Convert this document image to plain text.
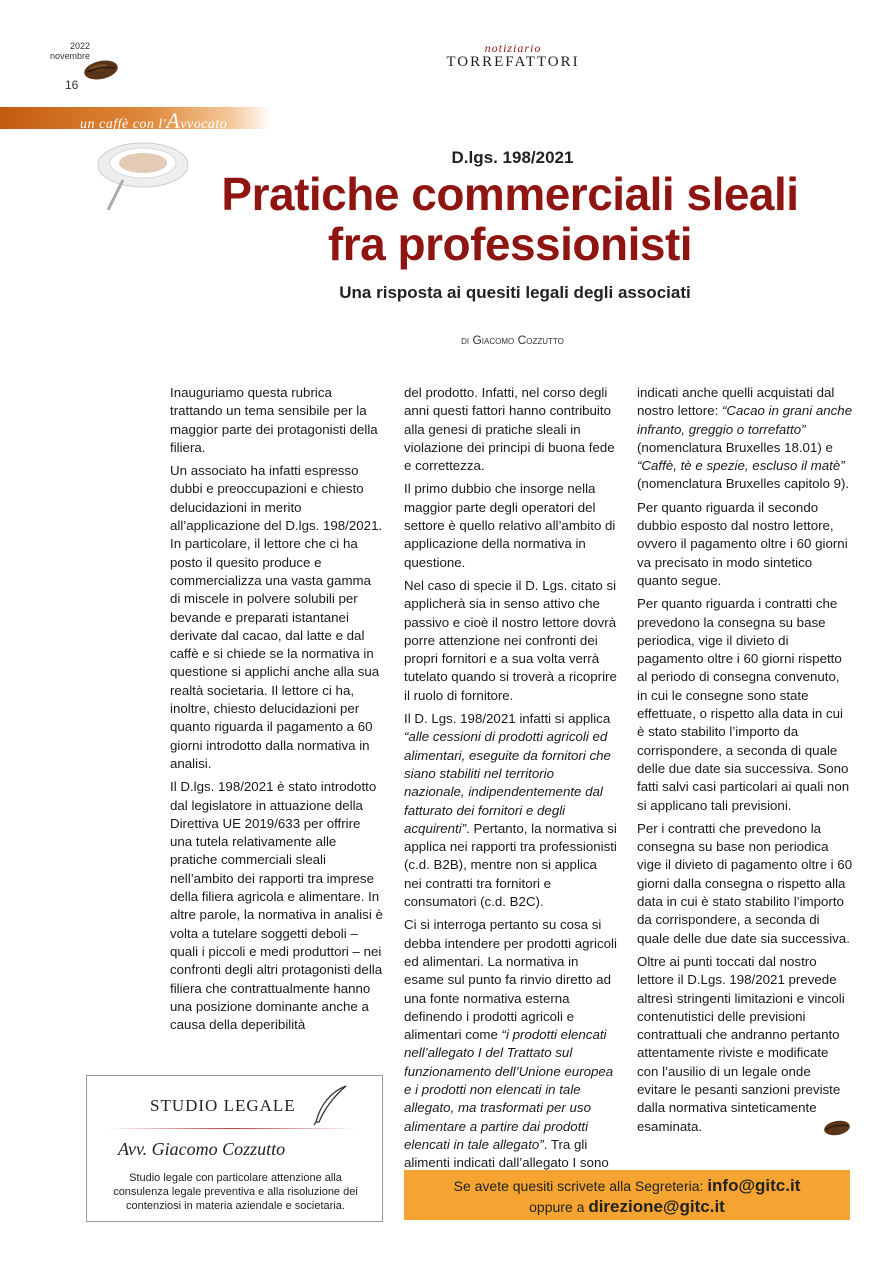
2022
novembre
16
notiziario
TORREFATTORI
un caffè con l'Avvocato
D.lgs. 198/2021
Pratiche commerciali sleali
fra professionisti
Una risposta ai quesiti legali degli associati
di Giacomo Cozzutto

Inauguriamo questa rubrica trattando un tema sensibile per la maggior parte dei protagonisti della filiera.

Un associato ha infatti espresso dubbi e preoccupazioni e chiesto delucidazioni in merito all’applicazione del D.lgs. 198/2021. In particolare, il lettore che ci ha posto il quesito produce e commercializza una vasta gamma di miscele in polvere solubili per bevande e preparati istantanei derivate dal cacao, dal latte e dal caffè e si chiede se la normativa in questione si applichi anche alla sua realtà societaria. Il lettore ci ha, inoltre, chiesto delucidazioni per quanto riguarda il pagamento a 60 giorni introdotto dalla normativa in analisi.

Il D.lgs. 198/2021 è stato introdotto dal legislatore in attuazione della Direttiva UE 2019/633 per offrire una tutela relativamente alle pratiche commerciali sleali nell’ambito dei rapporti tra imprese della filiera agricola e alimentare. In altre parole, la normativa in analisi è volta a tutelare soggetti deboli – quali i piccoli e medi produttori – nei confronti degli altri protagonisti della filiera che contrattualmente hanno una posizione dominante anche a causa della deperibilità

del prodotto. Infatti, nel corso degli anni questi fattori hanno contribuito alla genesi di pratiche sleali in violazione dei principi di buona fede e correttezza.

Il primo dubbio che insorge nella maggior parte degli operatori del settore è quello relativo all’ambito di applicazione della normativa in questione.

Nel caso di specie il D. Lgs. citato si applicherà sia in senso attivo che passivo e cioè il nostro lettore dovrà porre attenzione nei confronti dei propri fornitori e a sua volta verrà tutelato quando si troverà a ricoprire il ruolo di fornitore.

Il D. Lgs. 198/2021 infatti si applica “alle cessioni di prodotti agricoli ed alimentari, eseguite da fornitori che siano stabiliti nel territorio nazionale, indipendentemente dal fatturato dei fornitori e degli acquirenti”. Pertanto, la normativa si applica nei rapporti tra professionisti (c.d. B2B), mentre non si applica nei contratti tra fornitori e consumatori (c.d. B2C).

Ci si interroga pertanto su cosa si debba intendere per prodotti agricoli ed alimentari. La normativa in esame sul punto fa rinvio diretto ad una fonte normativa esterna definendo i prodotti agricoli e alimentari come “i prodotti elencati nell’allegato I del Trattato sul funzionamento dell’Unione europea e i prodotti non elencati in tale allegato, ma trasformati per uso alimentare a partire dai prodotti elencati in tale allegato”. Tra gli alimenti indicati dall’allegato I sono

indicati anche quelli acquistati dal nostro lettore: “Cacao in grani anche infranto, greggio o torrefatto” (nomenclatura Bruxelles 18.01) e “Caffè, tè e spezie, escluso il matè” (nomenclatura Bruxelles capitolo 9).

Per quanto riguarda il secondo dubbio esposto dal nostro lettore, ovvero il pagamento oltre i 60 giorni va precisato in modo sintetico quanto segue.

Per quanto riguarda i contratti che prevedono la consegna su base periodica, vige il divieto di pagamento oltre i 60 giorni rispetto al periodo di consegna convenuto, in cui le consegne sono state effettuate, o rispetto alla data in cui è stato stabilito l’importo da corrispondere, a seconda di quale delle due date sia successiva. Sono fatti salvi casi particolari ai quali non si applicano tali previsioni.

Per i contratti che prevedono la consegna su base non periodica vige il divieto di pagamento oltre i 60 giorni dalla consegna o rispetto alla data in cui è stato stabilito l’importo da corrispondere, a seconda di quale delle due date sia successiva.

Oltre ai punti toccati dal nostro lettore il D.Lgs. 198/2021 prevede altresì stringenti limitazioni e vincoli contenutistici delle previsioni contrattuali che andranno pertanto attentamente riviste e modificate con l’ausilio di un legale onde evitare le pesanti sanzioni previste dalla normativa sinteticamente esaminata.

STUDIO LEGALE
Avv. Giacomo Cozzutto
Studio legale con particolare attenzione alla consulenza legale preventiva e alla risoluzione dei contenziosi in materia aziendale e societaria.
Se avete quesiti scrivete alla Segreteria: info@gitc.it
oppure a direzione@gitc.it
